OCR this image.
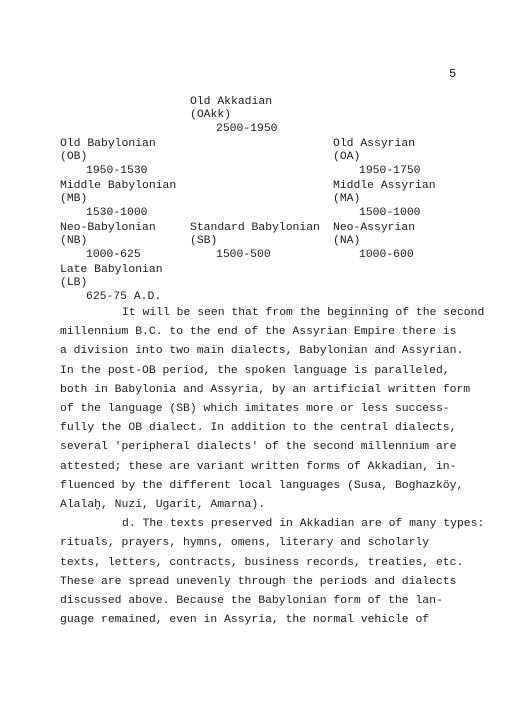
5
Old Akkadian
(OAkk)
2500-1950
Old Babylonian
(OB)
1950-1530
Old Assyrian
(OA)
1950-1750
Middle Babylonian
(MB)
1530-1000
Middle Assyrian
(MA)
1500-1000
Neo-Babylonian
(NB)
1000-625
Standard Babylonian
(SB)
1500-500
Neo-Assyrian
(NA)
1000-600
Late Babylonian
(LB)
625-75 A.D.

It will be seen that from the beginning of the second
millennium B.C. to the end of the Assyrian Empire there is
a division into two main dialects, Babylonian and Assyrian.
In the post-OB period, the spoken language is paralleled,
both in Babylonia and Assyria, by an artificial written form
of the language (SB) which imitates more or less success-
fully the OB dialect. In addition to the central dialects,
several 'peripheral dialects' of the second millennium are
attested; these are variant written forms of Akkadian, in-
fluenced by the different local languages (Susa, Boghazköy,
Alalaḫ, Nuzi, Ugarit, Amarna).

d. The texts preserved in Akkadian are of many types:
rituals, prayers, hymns, omens, literary and scholarly
texts, letters, contracts, business records, treaties, etc.
These are spread unevenly through the periods and dialects
discussed above. Because the Babylonian form of the lan-
guage remained, even in Assyria, the normal vehicle of
